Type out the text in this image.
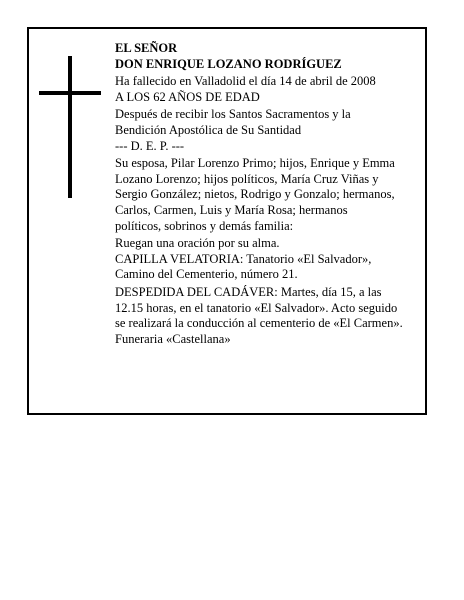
EL SEÑOR
DON ENRIQUE LOZANO RODRÍGUEZ
Ha fallecido en Valladolid el día 14 de abril de 2008
A LOS 62 AÑOS DE EDAD
Después de recibir los Santos Sacramentos y la
Bendición Apostólica de Su Santidad
--- D. E. P. ---
Su esposa, Pilar Lorenzo Primo; hijos, Enrique y Emma
Lozano Lorenzo; hijos políticos, María Cruz Viñas y
Sergio González; nietos, Rodrigo y Gonzalo; hermanos,
Carlos, Carmen, Luis y María Rosa; hermanos
políticos, sobrinos y demás familia:
Ruegan una oración por su alma.
CAPILLA VELATORIA: Tanatorio «El Salvador»,
Camino del Cementerio, número 21.
DESPEDIDA DEL CADÁVER: Martes, día 15, a las
12.15 horas, en el tanatorio «El Salvador». Acto seguido
se realizará la conducción al cementerio de «El Carmen».
Funeraria «Castellana»
